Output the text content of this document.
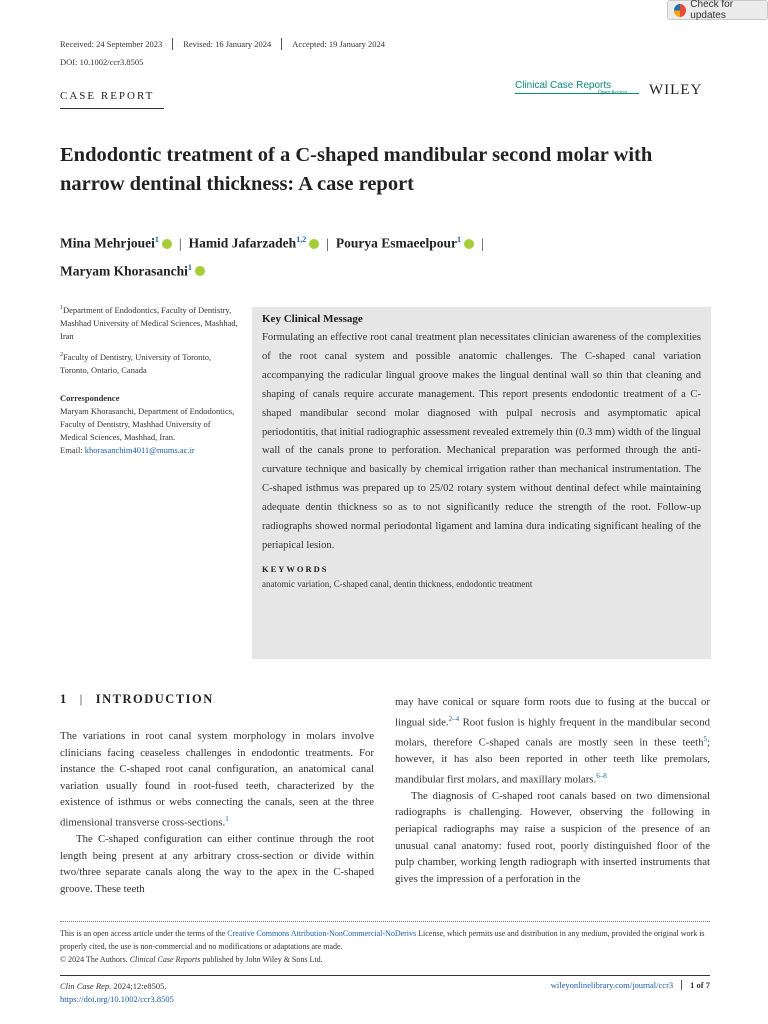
Check for updates
Received: 24 September 2023	Revised: 16 January 2024	Accepted: 19 January 2024
DOI: 10.1002/ccr3.8505
CASE REPORT
Clinical Case Reports
Open Access WILEY
Endodontic treatment of a C-shaped mandibular second molar with narrow dentinal thickness: A case report
Mina Mehrjouei$^1$ | Hamid Jafarzadeh$^{1,2}$ | Pourya Esmaeelpour$^1$ |
Maryam Khorasanchi$^1$

$^1$Department of Endodontics, Faculty of Dentistry, Mashhad University of Medical Sciences, Mashhad, Iran

$^2$Faculty of Dentistry, University of Toronto, Toronto, Ontario, Canada

Correspondence

Maryam Khorasanchi, Department of Endodontics, Faculty of Dentistry, Mashhad University of Medical Sciences, Mashhad, Iran.
Email: khorasanchim4011@mums.ac.ir

Key Clinical Message
Formulating an effective root canal treatment plan necessitates clinician awareness of the complexities of the root canal system and possible anatomic challenges. The C-shaped canal variation accompanying the radicular lingual groove makes the lingual dentinal wall so thin that cleaning and shaping of canals require accurate management. This report presents endodontic treatment of a C-shaped mandibular second molar diagnosed with pulpal necrosis and asymptomatic apical periodontitis, that initial radiographic assessment revealed extremely thin (0.3 mm) width of the lingual wall of the canals prone to perforation. Mechanical preparation was performed through the anti-curvature technique and basically by chemical irrigation rather than mechanical instrumentation. The C-shaped isthmus was prepared up to 25/02 rotary system without dentinal defect while maintaining adequate dentin thickness so as to not significantly reduce the strength of the root. Follow-up radiographs showed normal periodontal ligament and lamina dura indicating significant healing of the periapical lesion.
KEYWORDS
anatomic variation, C-shaped canal, dentin thickness, endodontic treatment
1 | INTRODUCTION

The variations in root canal system morphology in molars involve clinicians facing ceaseless challenges in endodontic treatments. For instance the C-shaped root canal configuration, an anatomical canal variation usually found in root-fused teeth, characterized by the existence of isthmus or webs connecting the canals, seen at the three dimensional transverse cross-sections.$^1$

The C-shaped configuration can either continue through the root length being present at any arbitrary cross-section or divide within two/three separate canals along the way to the apex in the C-shaped groove. These teeth

may have conical or square form roots due to fusing at the buccal or lingual side.$^{2-4}$ Root fusion is highly frequent in the mandibular second molars, therefore C-shaped canals are mostly seen in these teeth$^5$; however, it has also been reported in other teeth like premolars, mandibular first molars, and maxillary molars.$^{6-8}$

The diagnosis of C-shaped root canals based on two dimensional radiographs is challenging. However, observing the following in periapical radiographs may raise a suspicion of the presence of an unusual canal anatomy: fused root, poorly distinguished floor of the pulp chamber, working length radiograph with inserted instruments that gives the impression of a perforation in the

This is an open access article under the terms of the Creative Commons Attribution-NonCommercial-NoDerivs License, which permits use and distribution in any medium, provided the original work is properly cited, the use is non-commercial and no modifications or adaptations are made.
© 2024 The Authors. Clinical Case Reports published by John Wiley & Sons Ltd.
Clin Case Rep. 2024;12:e8505.
https://doi.org/10.1002/ccr3.8505
wileyonlinelibrary.com/journal/ccr3	1 of 7
